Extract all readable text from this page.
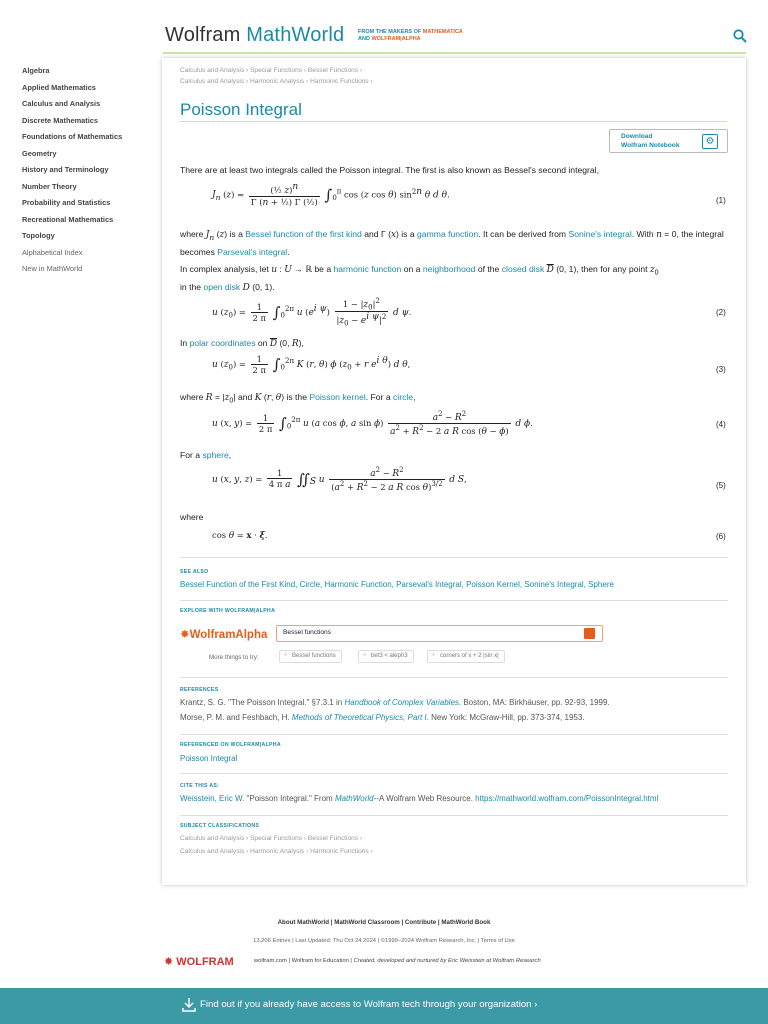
Wolfram MathWorld FROM THE MAKERS OF MATHEMATICA
AND WOLFRAM|ALPHA
Algebra
Applied Mathematics
Calculus and Analysis
Discrete Mathematics
Foundations of Mathematics
Geometry
History and Terminology
Number Theory
Probability and Statistics
Recreational Mathematics
Topology
Alphabetical Index
New in MathWorld
Calculus and Analysis › Special Functions › Bessel Functions ›
Calculus and Analysis › Harmonic Analysis › Harmonic Functions ›
Poisson Integral
Download
Wolfram Notebook	⚙
There are at least two integrals called the Poisson integral. The first is also known as Bessel's second integral,
$J_n$ $(z) = \frac{(\frac{1}{2} z)^n}{\text{Γ (n + ½) Γ (½)}} \int_0^\pi$ cos (z cos θ) $\sin^{2n} \theta$ d θ.
(1)
where $J_n$ (z) is a Bessel function of the first kind and Γ (x) is a gamma function. It can be derived from Sonine's integral. With n = 0, the integral becomes Parseval's integral.
In complex analysis, let u : U → ℝ be a harmonic function on a neighborhood of the closed disk $\overline{D}$ (0, 1), then for any point $z_0$
in the open disk D (0, 1).
u $(z_0) = \frac{1}{2 \pi} \int_0^{2\pi}$ u $(e^{i \psi}) \frac{1 - |z_0|^2}{|z_0 - e^{i \psi}|^2}$ d ψ.	(2)
In polar coordinates on $\overline{D}$ (0, R),
u $(z_0) = \frac{1}{2 \pi} \int_0^{2\pi}$ K (r, θ) ϕ ($z_0 + r$ $e^{i \theta}$) d θ,
(3)
where $R = |z_0|$ and K (r, θ) is the Poisson kernel. For a circle,
u (x, $y) = \frac{1}{2 \pi} \int_0^{2\pi}$ u (a cos ϕ, a $\sin \phi) \frac{a^2 - R^2}{a^2 + R^2 - 2 a R \cos (\theta - \phi)}$ d ϕ.	(4)
For a sphere,
u (x, y, $z) = \frac{1}{\text{4 π a}}$ $∬_S$ u $\frac{a^2 - R^2}{(a^2 + R^2 - 2 a R \cos \theta)^{3/2}}$ d S,
(5)
where
cos θ = x · ξ.	(6)
SEE ALSO
Bessel Function of the First Kind, Circle, Harmonic Function, Parseval's Integral, Poisson Kernel, Sonine's Integral, Sphere
EXPLORE WITH WOLFRAM|ALPHA
✸WolframAlpha	Bessel functions
More things to try:	⁘ Bessel functions	⁘ bet3 < aleph3	⁘ corners of x + 2 |sin x|
REFERENCES
Krantz, S. G. "The Poisson Integral." §7.3.1 in Handbook of Complex Variables. Boston, MA: Birkhäuser, pp. 92-93, 1999.
Morse, P. M. and Feshbach, H. Methods of Theoretical Physics, Part I. New York: McGraw-Hill, pp. 373-374, 1953.
REFERENCED ON WOLFRAM|ALPHA
Poisson Integral
CITE THIS AS:
Weisstein, Eric W. "Poisson Integral." From MathWorld--A Wolfram Web Resource. https://mathworld.wolfram.com/PoissonIntegral.html
SUBJECT CLASSIFICATIONS
Calculus and Analysis › Special Functions › Bessel Functions ›
Calculus and Analysis › Harmonic Analysis › Harmonic Functions ›
About MathWorld | MathWorld Classroom | Contribute | MathWorld Book
13,206 Entries | Last Updated: Thu Oct 24 2024 | ©1999–2024 Wolfram Research, Inc. | Terms of Use
✸ WOLFRAM	wolfram.com | Wolfram for Education | Created, developed and nurtured by Eric Weisstein at Wolfram Research
Find out if you already have access to Wolfram tech through your organization ›
